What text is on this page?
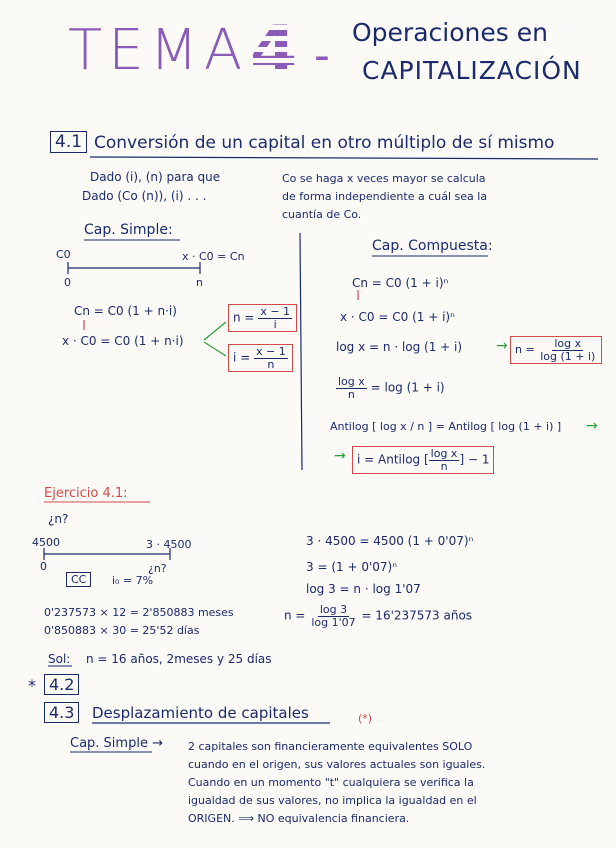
TEMA 4 - Operaciones en
CAPITALIZACIÓN
4.1 Conversión de un capital en otro múltiplo de sí mismo
Dado (i), (n) para que
Dado (Co (n)), (i) . . .
Co se haga x veces mayor se calcula
de forma independiente a cuál sea la
cuantía de Co.
Cap. Simple:
C0	x · C0 = Cn
0	n
Cn = C0 (1 + n·i)
x · C0 = C0 (1 + n·i)
$n = \frac{x - 1}{i}$
$i = \frac{x - 1}{n}$
Cap. Compuesta:
Cn = C0 (1 + i)ⁿ
x · C0 = C0 (1 + i)ⁿ
$\log x = n \cdot \log (1 + i) \to n = \frac{\text{log x}}{\log (1 + i)}$
$\frac{\text{log x}}{n} = \log (1 + i)$
Antilog [ log x / n ] = Antilog [ log (1 + i) ] →
→ i = Antilog [ $\frac{\text{log x}}{n}$ ] − 1
Ejercicio 4.1:
¿n?
4500	3 · 4500
0	¿n?
CC	i₀ = 7%
3 · 4500 = 4500 (1 + 0'07)ⁿ
3 = (1 + 0'07)ⁿ
log 3 = n · log 1'07
$n = \frac{\log 3}{\log 1'07} = 16'237573$ años
0'237573 × 12 = 2'850883 meses
0'850883 × 30 = 25'52 días
Sol: n = 16 años, 2meses y 25 días
* 4.2
4.3	Desplazamiento de capitales	(*)
Cap. Simple → 2 capitales son financieramente equivalentes SOLO
cuando en el origen, sus valores actuales son iguales.
Cuando en un momento "t" cualquiera se verifica la
igualdad de sus valores, no implica la igualdad en el
ORIGEN. ⟹ NO equivalencia financiera.
